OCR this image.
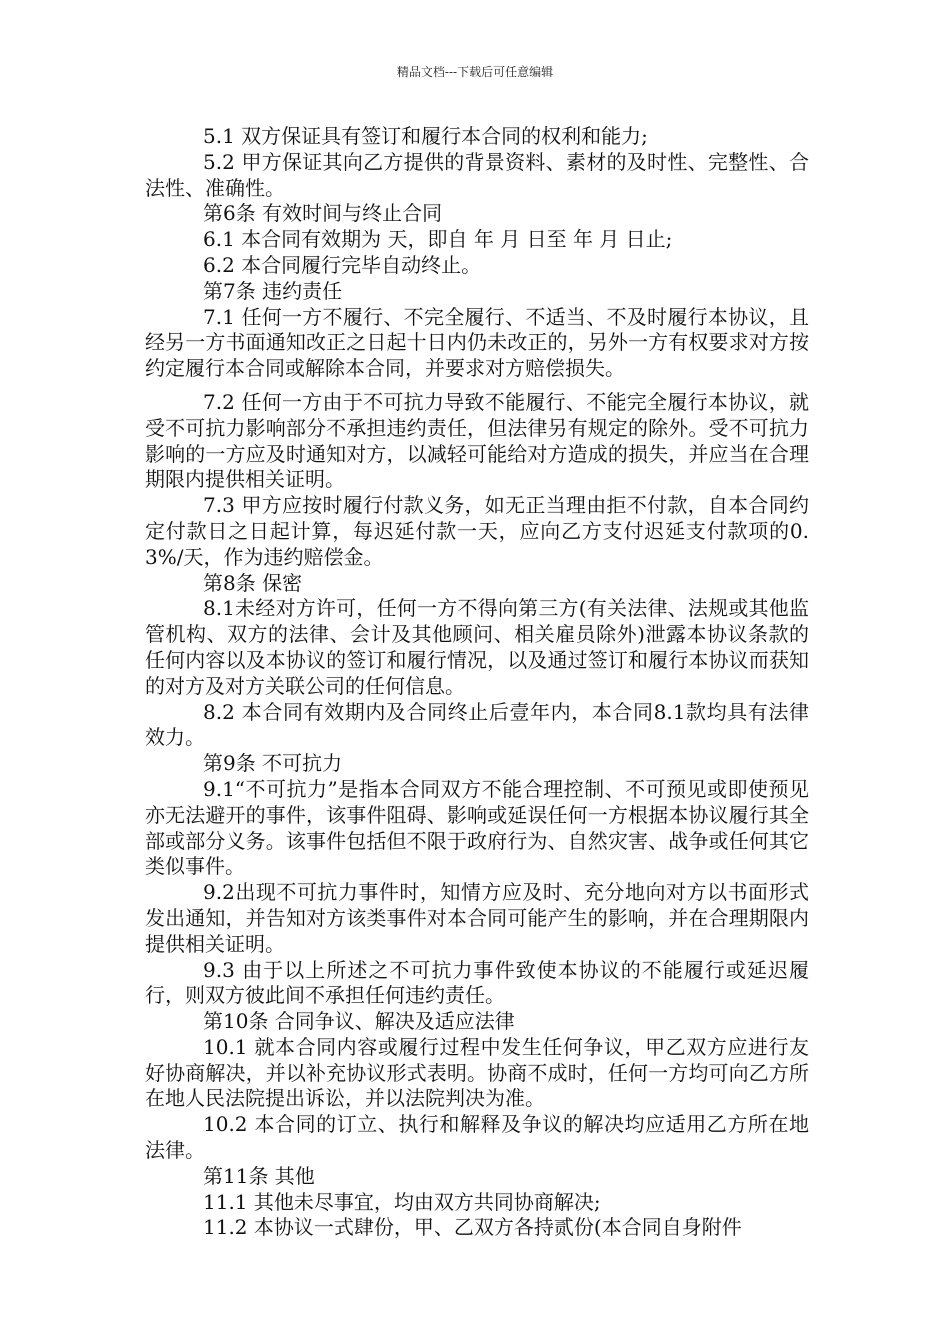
精品文档---下载后可任意编辑

5.1 双方保证具有签订和履行本合同的权利和能力;

5.2 甲方保证其向乙方提供的背景资料、素材的及时性、完整性、合法性、准确性。

第6条 有效时间与终止合同

6.1 本合同有效期为 天，即自 年 月 日至 年 月 日止;

6.2 本合同履行完毕自动终止。

第7条 违约责任

7.1 任何一方不履行、不完全履行、不适当、不及时履行本协议，且经另一方书面通知改正之日起十日内仍未改正的，另外一方有权要求对方按约定履行本合同或解除本合同，并要求对方赔偿损失。

7.2 任何一方由于不可抗力导致不能履行、不能完全履行本协议，就受不可抗力影响部分不承担违约责任，但法律另有规定的除外。受不可抗力影响的一方应及时通知对方，以减轻可能给对方造成的损失，并应当在合理期限内提供相关证明。

7.3 甲方应按时履行付款义务，如无正当理由拒不付款，自本合同约定付款日之日起计算，每迟延付款一天，应向乙方支付迟延支付款项的0.3%/天，作为违约赔偿金。

第8条 保密

8.1未经对方许可，任何一方不得向第三方(有关法律、法规或其他监管机构、双方的法律、会计及其他顾问、相关雇员除外)泄露本协议条款的任何内容以及本协议的签订和履行情况，以及通过签订和履行本协议而获知的对方及对方关联公司的任何信息。

8.2 本合同有效期内及合同终止后壹年内，本合同8.1款均具有法律效力。

第9条 不可抗力

9.1“不可抗力”是指本合同双方不能合理控制、不可预见或即使预见亦无法避开的事件，该事件阻碍、影响或延误任何一方根据本协议履行其全部或部分义务。该事件包括但不限于政府行为、自然灾害、战争或任何其它类似事件。

9.2出现不可抗力事件时，知情方应及时、充分地向对方以书面形式发出通知，并告知对方该类事件对本合同可能产生的影响，并在合理期限内提供相关证明。

9.3 由于以上所述之不可抗力事件致使本协议的不能履行或延迟履行，则双方彼此间不承担任何违约责任。

第10条 合同争议、解决及适应法律

10.1 就本合同内容或履行过程中发生任何争议，甲乙双方应进行友好协商解决，并以补充协议形式表明。协商不成时，任何一方均可向乙方所在地人民法院提出诉讼，并以法院判决为准。

10.2 本合同的订立、执行和解释及争议的解决均应适用乙方所在地法律。

第11条 其他

11.1 其他未尽事宜，均由双方共同协商解决;

11.2 本协议一式肆份，甲、乙双方各持贰份(本合同自身附件
